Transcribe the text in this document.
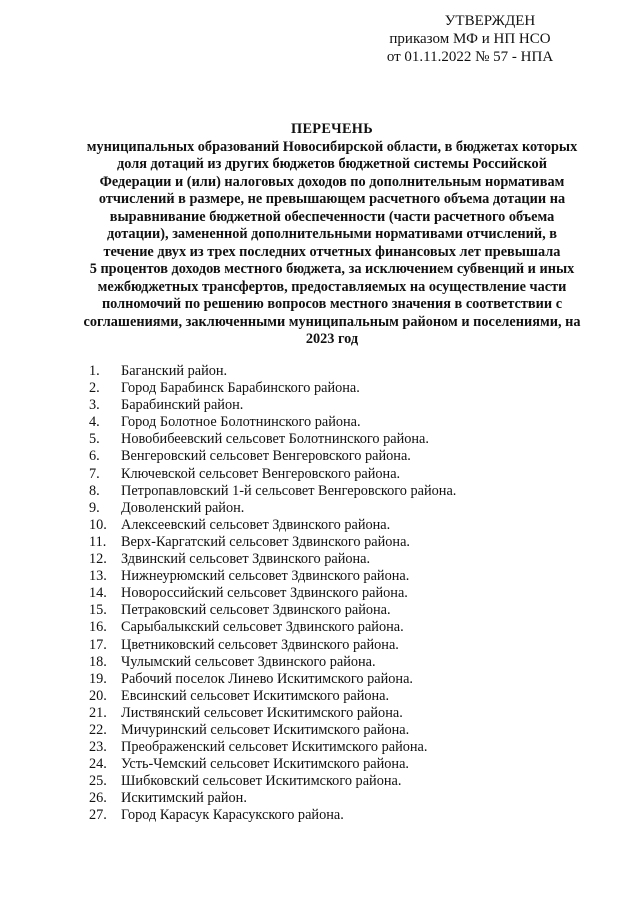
УТВЕРЖДЕН
приказом МФ и НП НСО
от 01.11.2022 № 57 - НПА
ПЕРЕЧЕНЬ
муниципальных образований Новосибирской области, в бюджетах которых
доля дотаций из других бюджетов бюджетной системы Российской
Федерации и (или) налоговых доходов по дополнительным нормативам
отчислений в размере, не превышающем расчетного объема дотации на
выравнивание бюджетной обеспеченности (части расчетного объема
дотации), замененной дополнительными нормативами отчислений, в
течение двух из трех последних отчетных финансовых лет превышала
5 процентов доходов местного бюджета, за исключением субвенций и иных
межбюджетных трансфертов, предоставляемых на осуществление части
полномочий по решению вопросов местного значения в соответствии с
соглашениями, заключенными муниципальным районом и поселениями, на
2023 год
1.	Баганский район.
2.	Город Барабинск Барабинского района.
3.	Барабинский район.
4.	Город Болотное Болотнинского района.
5.	Новобибеевский сельсовет Болотнинского района.
6.	Венгеровский сельсовет Венгеровского района.
7.	Ключевской сельсовет Венгеровского района.
8.	Петропавловский 1-й сельсовет Венгеровского района.
9.	Доволенский район.
10. Алексеевский сельсовет Здвинского района.
11.	Верх-Каргатский сельсовет Здвинского района.
12. Здвинский сельсовет Здвинского района.
13. Нижнеурюмский сельсовет Здвинского района.
14. Новороссийский сельсовет Здвинского района.
15. Петраковский сельсовет Здвинского района.
16. Сарыбалыкский сельсовет Здвинского района.
17. Цветниковский сельсовет Здвинского района.
18. Чулымский сельсовет Здвинского района.
19. Рабочий поселок Линево Искитимского района.
20. Евсинский сельсовет Искитимского района.
21. Листвянский сельсовет Искитимского района.
22. Мичуринский сельсовет Искитимского района.
23. Преображенский сельсовет Искитимского района.
24. Усть-Чемский сельсовет Искитимского района.
25. Шибковский сельсовет Искитимского района.
26. Искитимский район.
27. Город Карасук Карасукского района.
